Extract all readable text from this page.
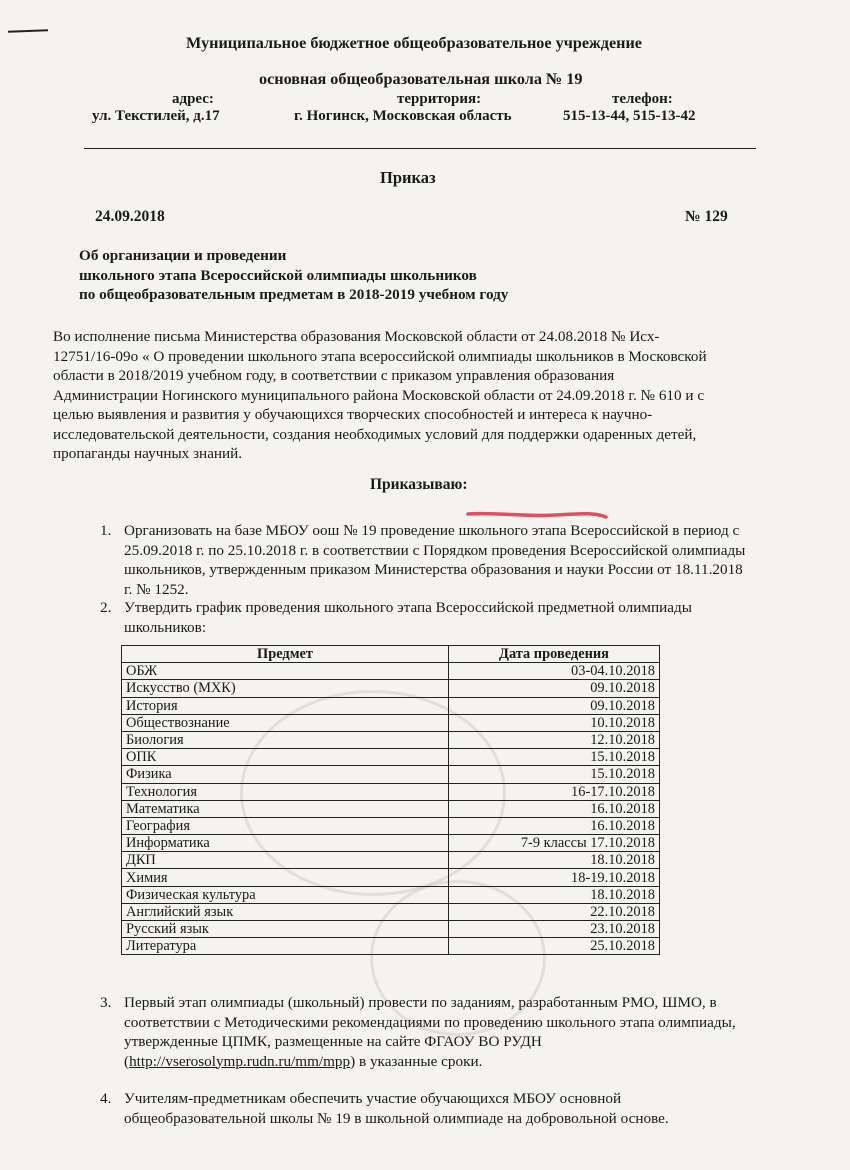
Муниципальное бюджетное общеобразовательное учреждение
основная общеобразовательная школа № 19
адрес:
ул. Текстилей, д.17
территория:
г. Ногинск, Московская область
телефон:
515-13-44, 515-13-42
Приказ
24.09.2018	№ 129
Об организации и проведении
школьного этапа Всероссийской олимпиады школьников
по общеобразовательным предметам в 2018-2019 учебном году
Во исполнение письма Министерства образования Московской области от 24.08.2018 № Исх-
12751/16-09о « О проведении школьного этапа всероссийской олимпиады школьников в Московской
области в 2018/2019 учебном году, в соответствии с приказом управления образования
Администрации Ногинского муниципального района Московской области от 24.09.2018 г. № 610 и с
целью выявления и развития у обучающихся творческих способностей и интереса к научно-
исследовательской деятельности, создания необходимых условий для поддержки одаренных детей,
пропаганды научных знаний.
Приказываю:
1. Организовать на базе МБОУ оош № 19 проведение школьного этапа Всероссийской в период с
25.09.2018 г. по 25.10.2018 г. в соответствии с Порядком проведения Всероссийской олимпиады
школьников, утвержденным приказом Министерства образования и науки России от 18.11.2018
г. № 1252.
2. Утвердить график проведения школьного этапа Всероссийской предметной олимпиады
школьников:
Предмет	Дата проведения
ОБЖ	03-04.10.2018
Искусство (МХК)	09.10.2018
История	09.10.2018
Обществознание	10.10.2018
Биология	12.10.2018
ОПК	15.10.2018
Физика	15.10.2018
Технология	16-17.10.2018
Математика	16.10.2018
География	16.10.2018
Информатика	7-9 классы 17.10.2018
ДКП	18.10.2018
Химия	18-19.10.2018
Физическая культура	18.10.2018
Английский язык	22.10.2018
Русский язык	23.10.2018
Литература	25.10.2018
3. Первый этап олимпиады (школьный) провести по заданиям, разработанным РМО, ШМО, в
соответствии с Методическими рекомендациями по проведению школьного этапа олимпиады,
утвержденные ЦПМК, размещенные на сайте ФГАОУ ВО РУДН
(http://vserosolymp.rudn.ru/mm/mpp) в указанные сроки.
4. Учителям-предметникам обеспечить участие обучающихся МБОУ основной
общеобразовательной школы № 19 в школьной олимпиаде на добровольной основе.
